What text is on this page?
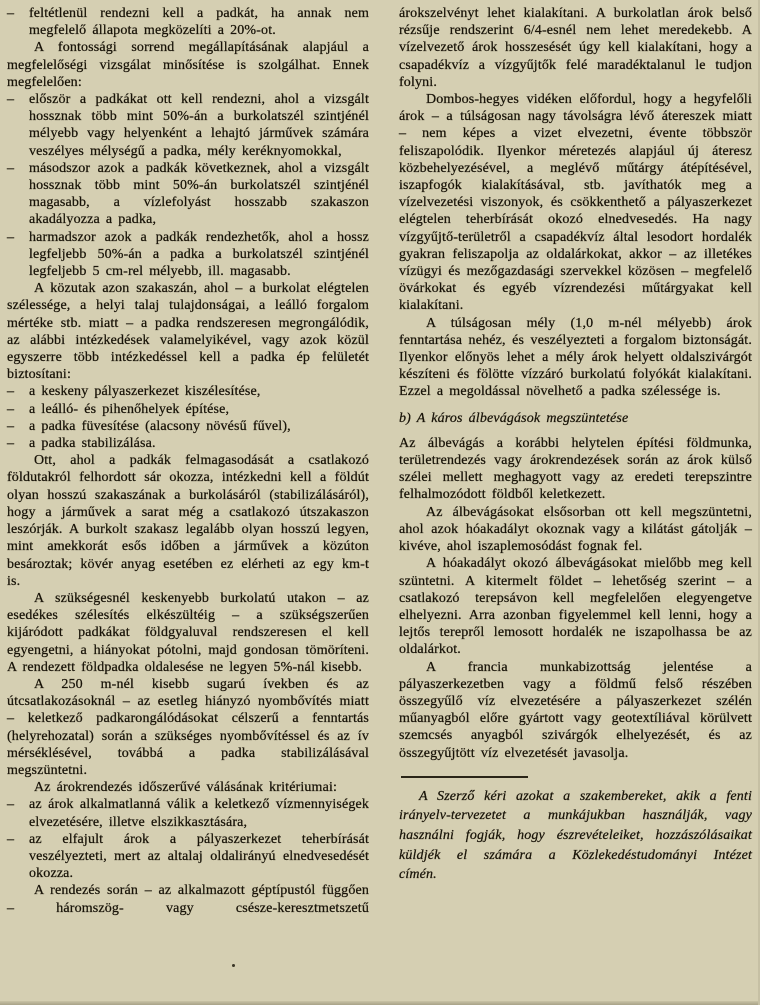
– feltétlenül rendezni kell a padkát, ha annak nem megfelelő állapota megközelíti a 20%-ot.

A fontossági sorrend megállapításának alapjául a megfelelőségi vizsgálat minősítése is szolgálhat. Ennek megfelelően:

– először a padkákat ott kell rendezni, ahol a vizsgált hossznak több mint 50%-án a burkolatszél szintjénél mélyebb vagy helyenként a lehajtó járművek számára veszélyes mélységű a padka, mély keréknyomokkal,

– másodszor azok a padkák következnek, ahol a vizsgált hossznak több mint 50%-án burkolatszél szintjénél magasabb, a vízlefolyást hosszabb szakaszon akadályozza a padka,

– harmadszor azok a padkák rendezhetők, ahol a hossz legfeljebb 50%-án a padka a burkolatszél szintjénél legfeljebb 5 cm-rel mélyebb, ill. magasabb.

A közutak azon szakaszán, ahol – a burkolat elégtelen szélessége, a helyi talaj tulajdonságai, a leálló forgalom mértéke stb. miatt – a padka rendszeresen megrongálódik, az alábbi intézkedések valamelyikével, vagy azok közül egyszerre több intézkedéssel kell a padka ép felületét biztosítani:

– a keskeny pályaszerkezet kiszélesítése,

– a leálló- és pihenőhelyek építése,

– a padka füvesítése (alacsony növésű fűvel),

– a padka stabilizálása.

Ott, ahol a padkák felmagasodását a csatlakozó földutakról felhordott sár okozza, intézkedni kell a földút olyan hosszú szakaszának a burkolásáról (stabilizálásáról), hogy a járművek a sarat még a csatlakozó útszakaszon leszórják. A burkolt szakasz legalább olyan hosszú legyen, mint amekkorát esős időben a járművek a közúton besároztak; kövér anyag esetében ez elérheti az egy km-t is.

A szükségesnél keskenyebb burkolatú utakon – az esedékes szélesítés elkészültéig – a szükségszerűen kijáródott padkákat földgyaluval rendszeresen el kell egyengetni, a hiányokat pótolni, majd gondosan tömöríteni. A rendezett földpadka oldalesése ne legyen 5%-nál kisebb.

A 250 m-nél kisebb sugarú ívekben és az útcsatlakozásoknál – az esetleg hiányzó nyombővítés miatt – keletkező padkarongálódásokat célszerű a fenntartás (helyrehozatal) során a szükséges nyombővítéssel és az ív mérséklésével, továbbá a padka stabilizálásával megszüntetni.

Az árokrendezés időszerűvé válásának kritériumai:

– az árok alkalmatlanná válik a keletkező vízmennyiségek elvezetésére, illetve elszikkasztására,

– az elfajult árok a pályaszerkezet teherbírását veszélyezteti, mert az altalaj oldalirányú elnedvesedését okozza.

A rendezés során – az alkalmazott géptípustól függően – háromszög- vagy csésze-keresztmetszetű

árokszelvényt lehet kialakítani. A burkolatlan árok belső rézsűje rendszerint 6/4-esnél nem lehet meredekebb. A vízelvezető árok hosszesését úgy kell kialakítani, hogy a csapadékvíz a vízgyűjtők felé maradéktalanul le tudjon folyni.

Dombos-hegyes vidéken előfordul, hogy a hegyfelőli árok – a túlságosan nagy távolságra lévő átereszek miatt – nem képes a vizet elvezetni, évente többször feliszapolódik. Ilyenkor méretezés alapjául új áteresz közbehelyezésével, a meglévő műtárgy átépítésével, iszapfogók kialakításával, stb. javíthatók meg a vízelvezetési viszonyok, és csökkenthető a pályaszerkezet elégtelen teherbírását okozó elnedvesedés. Ha nagy vízgyűjtő-területről a csapadékvíz által lesodort hordalék gyakran feliszapolja az oldalárkokat, akkor – az illetékes vízügyi és mezőgazdasági szervekkel közösen – megfelelő övárkokat és egyéb vízrendezési műtárgyakat kell kialakítani.

A túlságosan mély (1,0 m-nél mélyebb) árok fenntartása nehéz, és veszélyezteti a forgalom biztonságát. Ilyenkor előnyös lehet a mély árok helyett oldalszivárgót készíteni és fölötte vízzáró burkolatú folyókát kialakítani. Ezzel a megoldással növelhető a padka szélessége is.

b) A káros álbevágások megszüntetése

Az álbevágás a korábbi helytelen építési földmunka, területrendezés vagy árokrendezések során az árok külső szélei mellett meghagyott vagy az eredeti terepszintre felhalmozódott földből keletkezett.

Az álbevágásokat elsősorban ott kell megszüntetni, ahol azok hóakadályt okoznak vagy a kilátást gátolják – kivéve, ahol iszaplemosódást fognak fel.

A hóakadályt okozó álbevágásokat mielőbb meg kell szüntetni. A kitermelt földet – lehetőség szerint – a csatlakozó terepsávon kell megfelelően elegyengetve elhelyezni. Arra azonban figyelemmel kell lenni, hogy a lejtős terepről lemosott hordalék ne iszapolhassa be az oldalárkot.

A francia munkabizottság jelentése a pályaszerkezetben vagy a földmű felső részében összegyűlő víz elvezetésére a pályaszerkezet szélén műanyagból előre gyártott vagy geotextíliával körülvett szemcsés anyagból szivárgók elhelyezését, és az összegyűjtött víz elvezetését javasolja.

A Szerző kéri azokat a szakembereket, akik a fenti irányelv-tervezetet a munkájukban használják, vagy használni fogják, hogy észrevételeiket, hozzászólásaikat küldjék el számára a Közlekedéstudományi Intézet címén.
